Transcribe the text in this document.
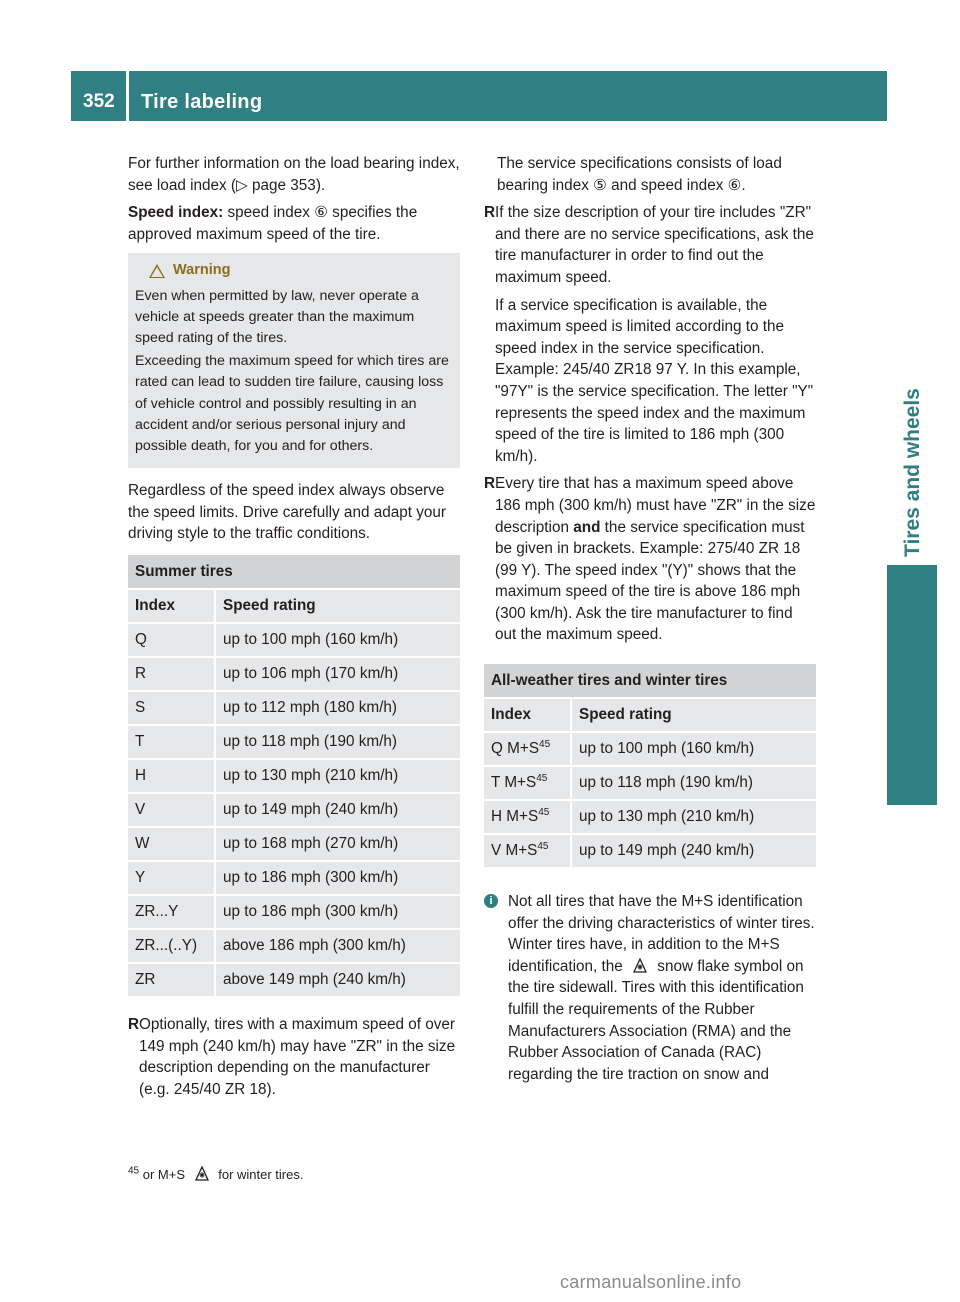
352 Tire labeling
Tires and wheels

For further information on the load bearing index, see load index (▷ page 353).

Speed index: speed index ⑥ specifies the approved maximum speed of the tire.

Warning

Even when permitted by law, never operate a vehicle at speeds greater than the maximum speed rating of the tires.

Exceeding the maximum speed for which tires are rated can lead to sudden tire failure, causing loss of vehicle control and possibly resulting in an accident and/or serious personal injury and possible death, for you and for others.

Regardless of the speed index always observe the speed limits. Drive carefully and adapt your driving style to the traffic conditions.

Summer tires	
Index	Speed rating
Q	up to 100 mph (160 km/h)
R	up to 106 mph (170 km/h)
S	up to 112 mph (180 km/h)
T	up to 118 mph (190 km/h)
H	up to 130 mph (210 km/h)
V	up to 149 mph (240 km/h)
W	up to 168 mph (270 km/h)
Y	up to 186 mph (300 km/h)
ZR...Y	up to 186 mph (300 km/h)
ZR...(..Y)	above 186 mph (300 km/h)
ZR	above 149 mph (240 km/h)
R Optionally, tires with a maximum speed of over 149 mph (240 km/h) may have "ZR" in the size description depending on the manufacturer (e.g. 245/40 ZR 18).

The service specifications consists of load bearing index ⑤ and speed index ⑥.

R If the size description of your tire includes "ZR" and there are no service specifications, ask the tire manufacturer in order to find out the maximum speed.

If a service specification is available, the maximum speed is limited according to the speed index in the service specification. Example: 245/40 ZR18 97 Y. In this example, "97Y" is the service specification. The letter "Y" represents the speed index and the maximum speed of the tire is limited to 186 mph (300 km/h).

R Every tire that has a maximum speed above 186 mph (300 km/h) must have "ZR" in the size description and the service specification must be given in brackets. Example: 275/40 ZR 18 (99 Y). The speed index "(Y)" shows that the maximum speed of the tire is above 186 mph (300 km/h). Ask the tire manufacturer to find out the maximum speed.

All-weather tires and winter tires	
Index	Speed rating
Q $M+S^{45}$	up to 100 mph (160 km/h)
T $M+S^{45}$	up to 118 mph (190 km/h)
H $M+S^{45}$	up to 130 mph (210 km/h)
V $M+S^{45}$	up to 149 mph (240 km/h)
i	Not all tires that have the M+S identification offer the driving characteristics of winter tires. Winter tires have, in addition to the M+S identification, the  snow flake symbol on the tire sidewall. Tires with this identification fulfill the requirements of the Rubber Manufacturers Association (RMA) and the Rubber Association of Canada (RAC) regarding the tire traction on snow and

$^{45}$ or M+S  for winter tires.
carmanualsonline.info
